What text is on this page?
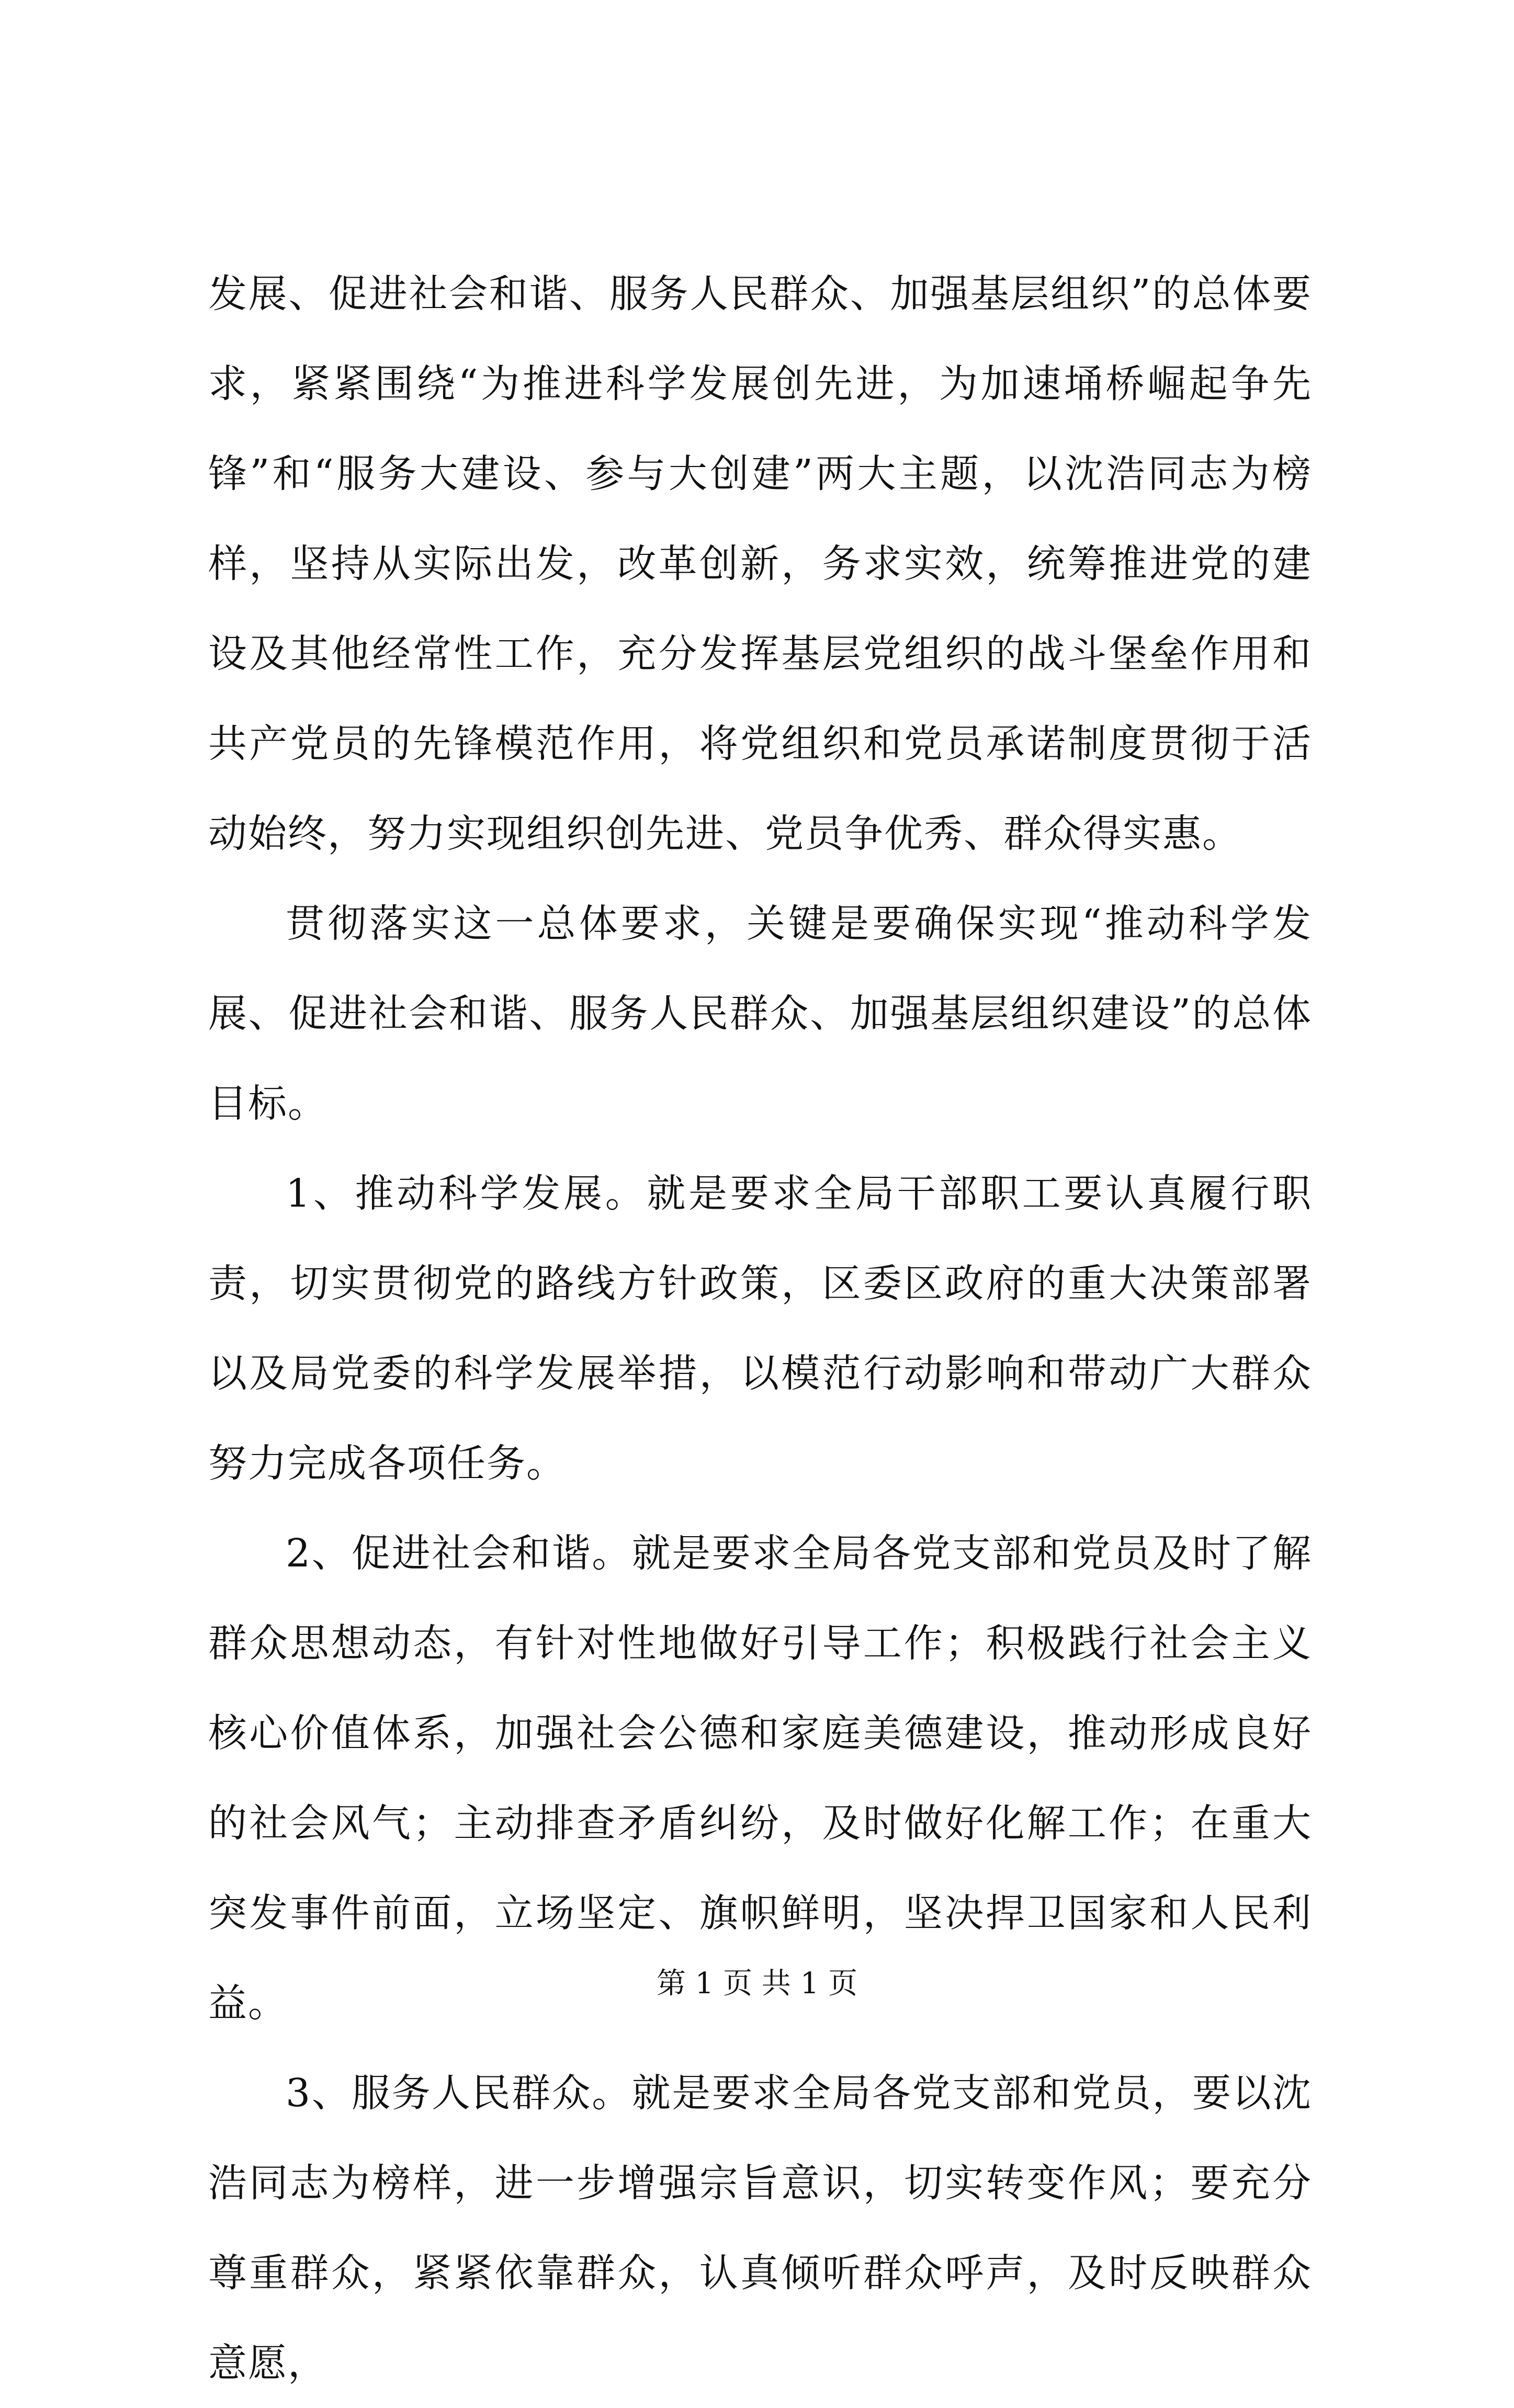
发展、促进社会和谐、服务人民群众、加强基层组织”的总体要求，紧紧围绕“为推进科学发展创先进，为加速埇桥崛起争先锋”和“服务大建设、参与大创建”两大主题，以沈浩同志为榜样，坚持从实际出发，改革创新，务求实效，统筹推进党的建设及其他经常性工作，充分发挥基层党组织的战斗堡垒作用和共产党员的先锋模范作用，将党组织和党员承诺制度贯彻于活动始终，努力实现组织创先进、党员争优秀、群众得实惠。

贯彻落实这一总体要求，关键是要确保实现“推动科学发展、促进社会和谐、服务人民群众、加强基层组织建设”的总体目标。

1、推动科学发展。就是要求全局干部职工要认真履行职责，切实贯彻党的路线方针政策，区委区政府的重大决策部署以及局党委的科学发展举措，以模范行动影响和带动广大群众努力完成各项任务。

2、促进社会和谐。就是要求全局各党支部和党员及时了解群众思想动态，有针对性地做好引导工作；积极践行社会主义核心价值体系，加强社会公德和家庭美德建设，推动形成良好的社会风气；主动排查矛盾纠纷，及时做好化解工作；在重大突发事件前面，立场坚定、旗帜鲜明，坚决捍卫国家和人民利益。

3、服务人民群众。就是要求全局各党支部和党员，要以沈浩同志为榜样，进一步增强宗旨意识，切实转变作风；要充分尊重群众，紧紧依靠群众，认真倾听群众呼声，及时反映群众意愿，

第 1 页 共 1 页
